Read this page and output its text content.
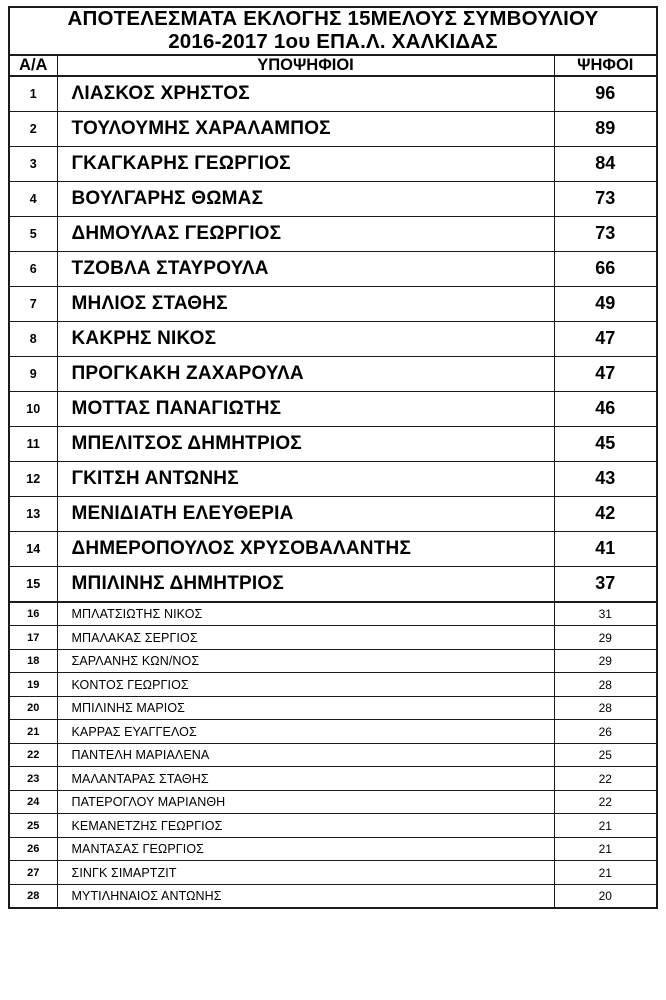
ΑΠΟΤΕΛΕΣΜΑΤΑ ΕΚΛΟΓΗΣ 15ΜΕΛΟΥΣ ΣΥΜΒΟΥΛΙΟΥ
2016-2017 1ου ΕΠΑ.Λ. ΧΑΛΚΙΔΑΣ		

Α/Α	ΥΠΟΨΗΦΙΟΙ	ΨΗΦΟΙ
1	ΛΙΑΣΚΟΣ ΧΡΗΣΤΟΣ	96
2	ΤΟΥΛΟΥΜΗΣ ΧΑΡΑΛΑΜΠΟΣ	89
3	ΓΚΑΓΚΑΡΗΣ ΓΕΩΡΓΙΟΣ	84
4	ΒΟΥΛΓΑΡΗΣ ΘΩΜΑΣ	73
5	ΔΗΜΟΥΛΑΣ ΓΕΩΡΓΙΟΣ	73
6	ΤΖΟΒΛΑ ΣΤΑΥΡΟΥΛΑ	66
7	ΜΗΛΙΟΣ ΣΤΑΘΗΣ	49
8	ΚΑΚΡΗΣ ΝΙΚΟΣ	47
9	ΠΡΟΓΚΑΚΗ ΖΑΧΑΡΟΥΛΑ	47
10	ΜΟΤΤΑΣ ΠΑΝΑΓΙΩΤΗΣ	46
11	ΜΠΕΛΙΤΣΟΣ ΔΗΜΗΤΡΙΟΣ	45
12	ΓΚΙΤΣΗ ΑΝΤΩΝΗΣ	43
13	ΜΕΝΙΔΙΑΤΗ ΕΛΕΥΘΕΡΙΑ	42
14	ΔΗΜΕΡΟΠΟΥΛΟΣ ΧΡΥΣΟΒΑΛΑΝΤΗΣ	41
15	ΜΠΙΛΙΝΗΣ ΔΗΜΗΤΡΙΟΣ	37
16	ΜΠΛΑΤΣΙΩΤΗΣ ΝΙΚΟΣ	31
17	ΜΠΑΛΑΚΑΣ ΣΕΡΓΙΟΣ	29
18	ΣΑΡΛΑΝΗΣ ΚΩΝ/ΝΟΣ	29
19	ΚΟΝΤΟΣ ΓΕΩΡΓΙΟΣ	28
20	ΜΠΙΛΙΝΗΣ ΜΑΡΙΟΣ	28
21	ΚΑΡΡΑΣ ΕΥΑΓΓΕΛΟΣ	26
22	ΠΑΝΤΕΛΗ ΜΑΡΙΑΛΕΝΑ	25
23	ΜΑΛΑΝΤΑΡΑΣ ΣΤΑΘΗΣ	22
24	ΠΑΤΕΡΟΓΛΟΥ ΜΑΡΙΑΝΘΗ	22
25	ΚΕΜΑΝΕΤΖΗΣ ΓΕΩΡΓΙΟΣ	21
26	ΜΑΝΤΑΣΑΣ ΓΕΩΡΓΙΟΣ	21
27	ΣΙΝΓΚ ΣΙΜΑΡΤΖΙΤ	21
28	ΜΥΤΙΛΗΝΑΙΟΣ ΑΝΤΩΝΗΣ	20
